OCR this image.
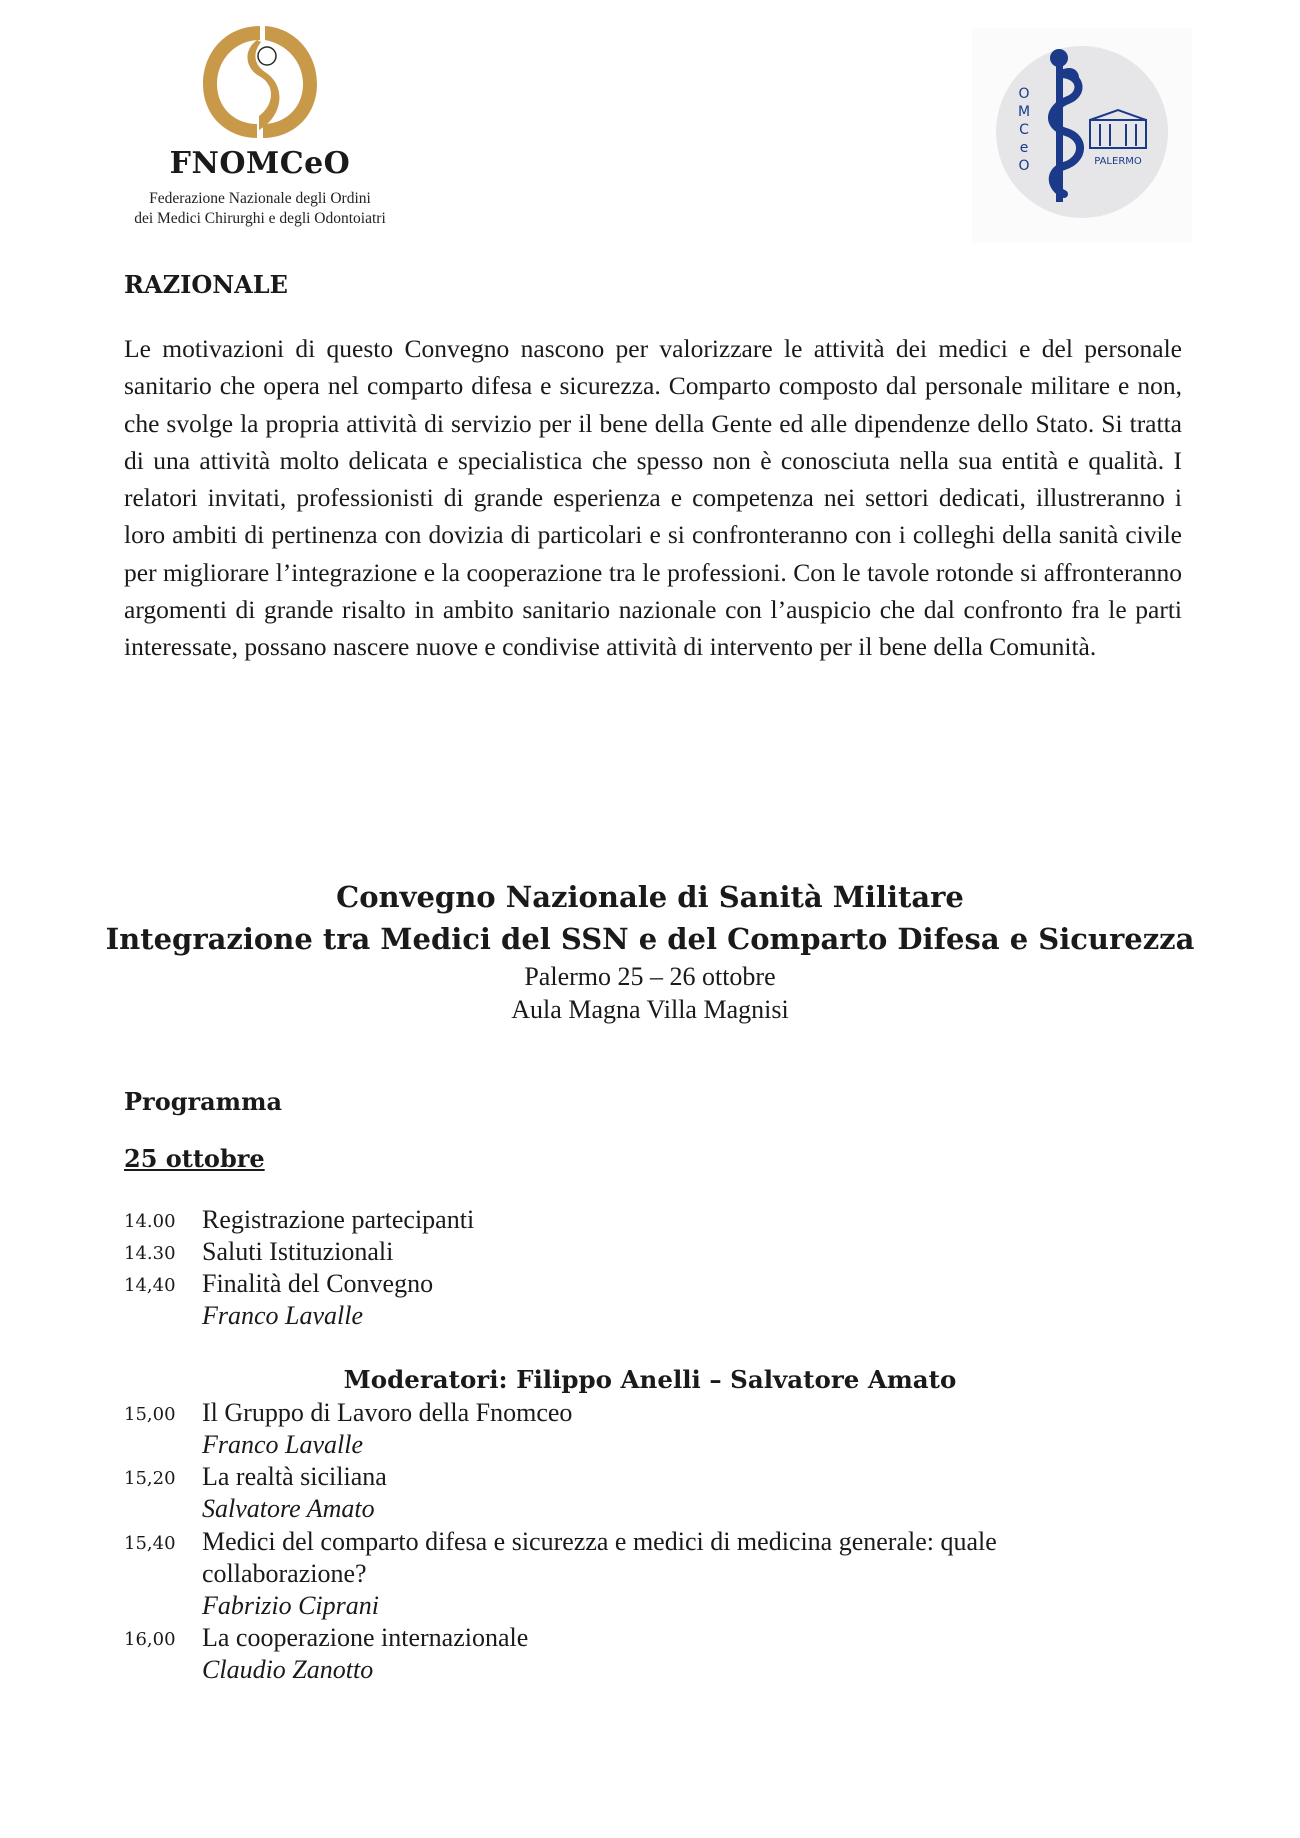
FNOMCeO
Federazione Nazionale degli Ordini
dei Medici Chirurghi e degli Odontoiatri
O
M
C
e
O	PALERMO
RAZIONALE
Le motivazioni di questo Convegno nascono per valorizzare le attività dei medici e del personale sanitario che opera nel comparto difesa e sicurezza. Comparto composto dal personale militare e non, che svolge la propria attività di servizio per il bene della Gente ed alle dipendenze dello Stato. Si tratta di una attività molto delicata e specialistica che spesso non è conosciuta nella sua entità e qualità. I relatori invitati, professionisti di grande esperienza e competenza nei settori dedicati, illustreranno i loro ambiti di pertinenza con dovizia di particolari e si confronteranno con i colleghi della sanità civile per migliorare l’integrazione e la cooperazione tra le professioni. Con le tavole rotonde si affronteranno argomenti di grande risalto in ambito sanitario nazionale con l’auspicio che dal confronto fra le parti interessate, possano nascere nuove e condivise attività di intervento per il bene della Comunità.
Convegno Nazionale di Sanità Militare
Integrazione tra Medici del SSN e del Comparto Difesa e Sicurezza
Palermo 25 – 26 ottobre
Aula Magna Villa Magnisi
Programma
25 ottobre
14.00 Registrazione partecipanti
14.30 Saluti Istituzionali
14,40 Finalità del Convegno
Franco Lavalle
Moderatori: Filippo Anelli – Salvatore Amato
15,00 Il Gruppo di Lavoro della Fnomceo
Franco Lavalle
15,20 La realtà siciliana
Salvatore Amato
15,40 Medici del comparto difesa e sicurezza e medici di medicina generale: quale
collaborazione?
Fabrizio Ciprani
16,00 La cooperazione internazionale
Claudio Zanotto
